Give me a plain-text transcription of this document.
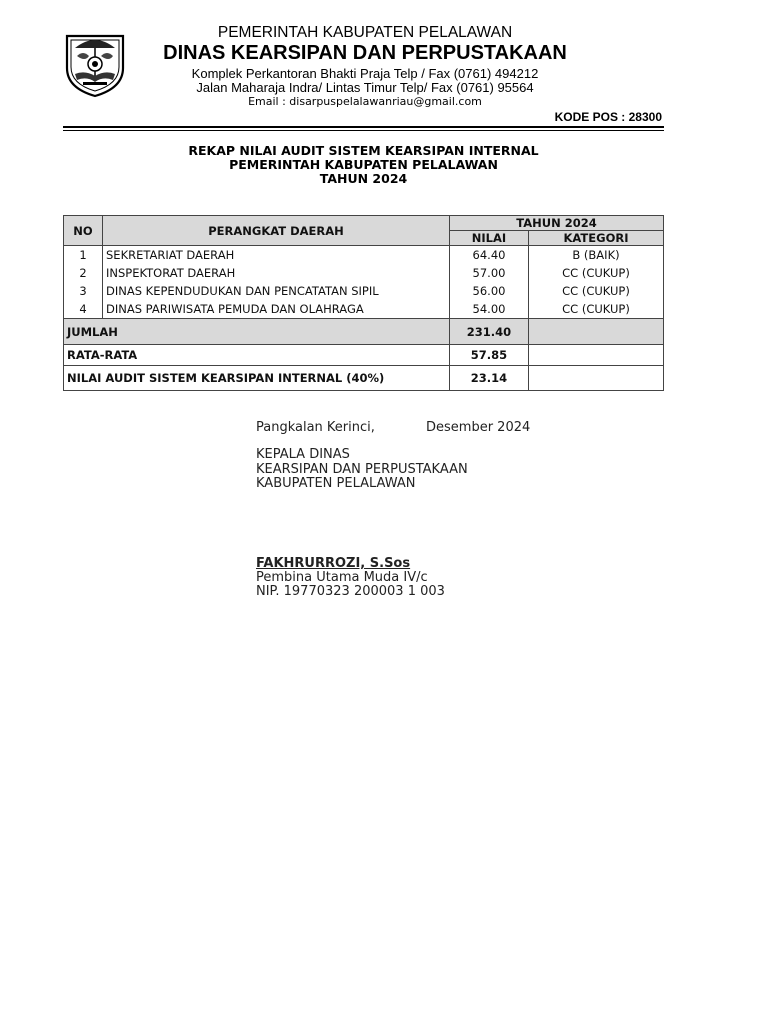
PEMERINTAH KABUPATEN PELALAWAN
DINAS KEARSIPAN DAN PERPUSTAKAAN
Komplek Perkantoran Bhakti Praja Telp / Fax (0761) 494212
Jalan Maharaja Indra/ Lintas Timur Telp/ Fax (0761) 95564
Email : disarpuspelalawanriau@gmail.com
KODE POS : 28300
REKAP NILAI AUDIT SISTEM KEARSIPAN INTERNAL
PEMERINTAH KABUPATEN PELALAWAN
TAHUN 2024
NO	PERANGKAT DAERAH	TAHUN 2024	
		NILAI	KATEGORI
1	SEKRETARIAT DAERAH	64.40	B (BAIK)
2	INSPEKTORAT DAERAH	57.00	CC (CUKUP)
3	DINAS KEPENDUDUKAN DAN PENCATATAN SIPIL	56.00	CC (CUKUP)
4	DINAS PARIWISATA PEMUDA DAN OLAHRAGA	54.00	CC (CUKUP)
JUMLAH		231.40	
RATA-RATA		57.85	
NILAI AUDIT SISTEM KEARSIPAN INTERNAL (40%)		23.14	
Pangkalan Kerinci,	Desember 2024
KEPALA DINAS
KEARSIPAN DAN PERPUSTAKAAN
KABUPATEN PELALAWAN
FAKHRURROZI, S.Sos
Pembina Utama Muda IV/c
NIP. 19770323 200003 1 003
